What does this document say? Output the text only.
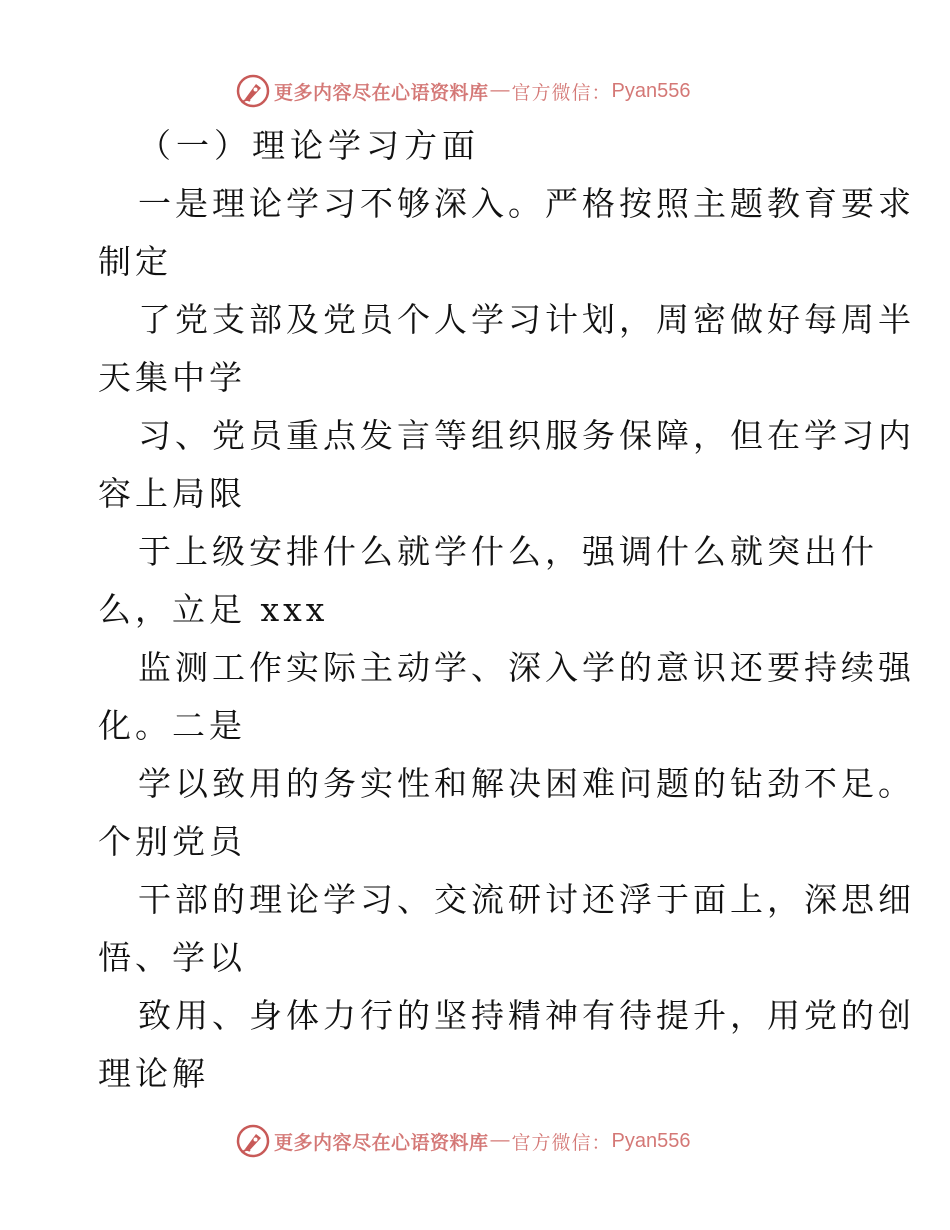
更多内容尽在心语资料库 — 官方微信： Pyan556

（一）理论学习方面

一是理论学习不够深入。严格按照主题教育要求

制定

了党支部及党员个人学习计划，周密做好每周半

天集中学

习、党员重点发言等组织服务保障，但在学习内

容上局限

于上级安排什么就学什么，强调什么就突出什

么，立足 xxx

监测工作实际主动学、深入学的意识还要持续强

化。二是

学以致用的务实性和解决困难问题的钻劲不足。

个别党员

干部的理论学习、交流研讨还浮于面上，深思细

悟、学以

致用、身体力行的坚持精神有待提升，用党的创

理论解

更多内容尽在心语资料库 — 官方微信： Pyan556
